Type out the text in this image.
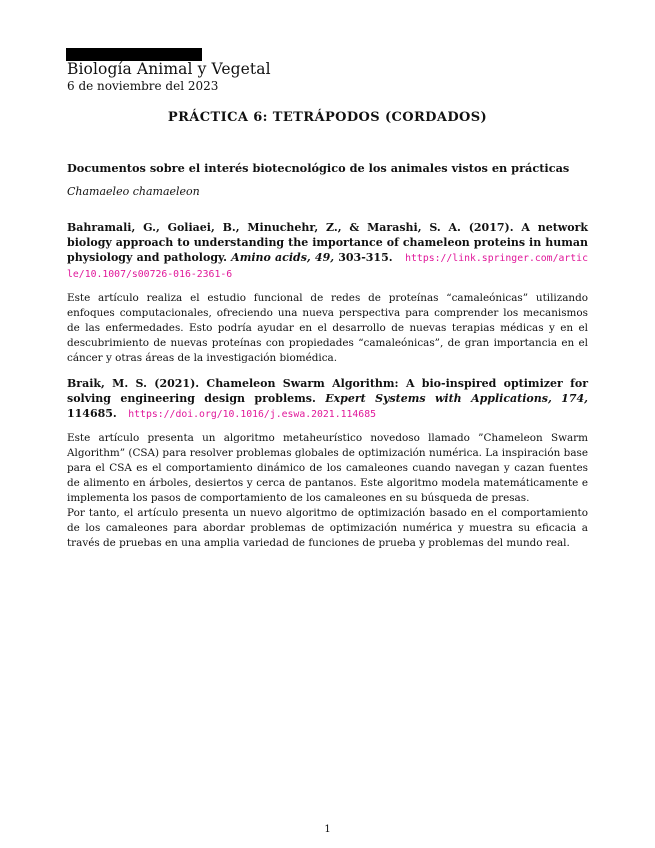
Biología Animal y Vegetal
6 de noviembre del 2023
PRÁCTICA 6: TETRÁPODOS (CORDADOS)
Documentos sobre el interés biotecnológico de los animales vistos en prácticas
Chamaeleo chamaeleon

Bahramali, G., Goliaei, B., Minuchehr, Z., & Marashi, S. A. (2017). A network biology approach to understanding the importance of chameleon proteins in human physiology and pathology. Amino acids, 49, 303-315. https://link.springer.com/article/10.1007/s00726-016-2361-6

Este artículo realiza el estudio funcional de redes de proteínas “camaleónicas” utilizando enfoques computacionales, ofreciendo una nueva perspectiva para comprender los mecanismos de las enfermedades. Esto podría ayudar en el desarrollo de nuevas terapias médicas y en el descubrimiento de nuevas proteínas con propiedades “camaleónicas”, de gran importancia en el cáncer y otras áreas de la investigación biomédica.

Braik, M. S. (2021). Chameleon Swarm Algorithm: A bio-inspired optimizer for solving engineering design problems. Expert Systems with Applications, 174, 114685. https://doi.org/10.1016/j.eswa.2021.114685

Este artículo presenta un algoritmo metaheurístico novedoso llamado ”Chameleon Swarm Algorithm” (CSA) para resolver problemas globales de optimización numérica. La inspiración base para el CSA es el comportamiento dinámico de los camaleones cuando navegan y cazan fuentes de alimento en árboles, desiertos y cerca de pantanos. Este algoritmo modela matemáticamente e implementa los pasos de comportamiento de los camaleones en su búsqueda de presas.

Por tanto, el artículo presenta un nuevo algoritmo de optimización basado en el comportamiento de los camaleones para abordar problemas de optimización numérica y muestra su eficacia a través de pruebas en una amplia variedad de funciones de prueba y problemas del mundo real.

1
